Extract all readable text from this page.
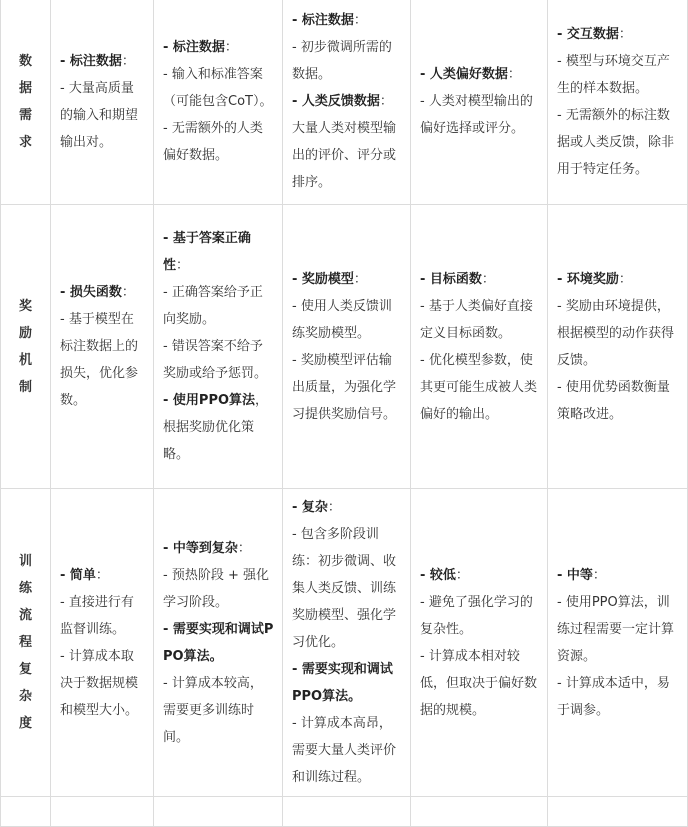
数据需求	- 标注数据：
- 大量高质量的输入和期望输出对。	- 标注数据：
- 输入和标准答案（可能包含CoT）。
- 无需额外的人类偏好数据。	- 标注数据：
- 初步微调所需的数据。
- 人类反馈数据：大量人类对模型输出的评价、评分或排序。	- 人类偏好数据：
- 人类对模型输出的偏好选择或评分。	- 交互数据：
- 模型与环境交互产生的样本数据。
- 无需额外的标注数据或人类反馈，除非用于特定任务。

奖励机制	- 损失函数：
- 基于模型在标注数据上的损失，优化参数。	- 基于答案正确性：
- 正确答案给予正向奖励。
- 错误答案不给予奖励或给予惩罚。
- 使用PPO算法，根据奖励优化策略。	- 奖励模型：
- 使用人类反馈训练奖励模型。
- 奖励模型评估输出质量，为强化学习提供奖励信号。	- 目标函数：
- 基于人类偏好直接定义目标函数。
- 优化模型参数，使其更可能生成被人类偏好的输出。	- 环境奖励：
- 奖励由环境提供，根据模型的动作获得反馈。
- 使用优势函数衡量策略改进。

训练流程复杂度	- 简单：
- 直接进行有监督训练。
- 计算成本取决于数据规模和模型大小。	- 中等到复杂：
- 预热阶段 + 强化学习阶段。
- 需要实现和调试PPO算法。
- 计算成本较高，需要更多训练时间。	- 复杂：
- 包含多阶段训练：初步微调、收集人类反馈、训练奖励模型、强化学习优化。
- 需要实现和调试PPO算法。
- 计算成本高昂，需要大量人类评价和训练过程。	- 较低：
- 避免了强化学习的复杂性。
- 计算成本相对较低，但取决于偏好数据的规模。	- 中等：
- 使用PPO算法，训练过程需要一定计算资源。
- 计算成本适中，易于调参。
